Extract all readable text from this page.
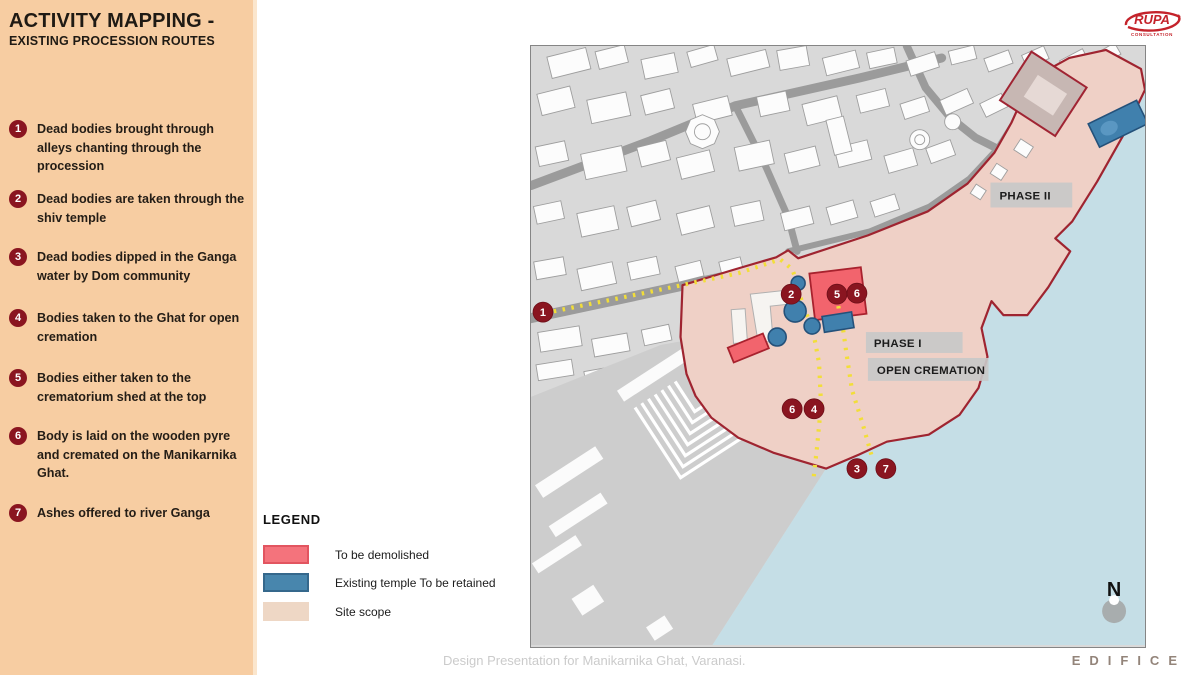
ACTIVITY MAPPING -
EXISTING PROCESSION ROUTES
1	Dead bodies brought through alleys chanting through the procession

2	Dead bodies are taken through the shiv temple

3	Dead bodies dipped in the Ganga water by Dom community

4	Bodies taken to the Ghat for open cremation

5	Bodies either taken to the crematorium shed at the top

6	Body is laid on the wooden pyre and cremated on the Manikarnika Ghat.

7	Ashes offered to river Ganga	LEGEND
To be demolished
Existing temple To be retained
Site scope
PHASE I
OPEN CREMATION
PHASE II
1
2	5 6
6 4
3 7
N
Design Presentation for Manikarnika Ghat, Varanasi.	EDIFICE
RUPA
CONSULTATION
